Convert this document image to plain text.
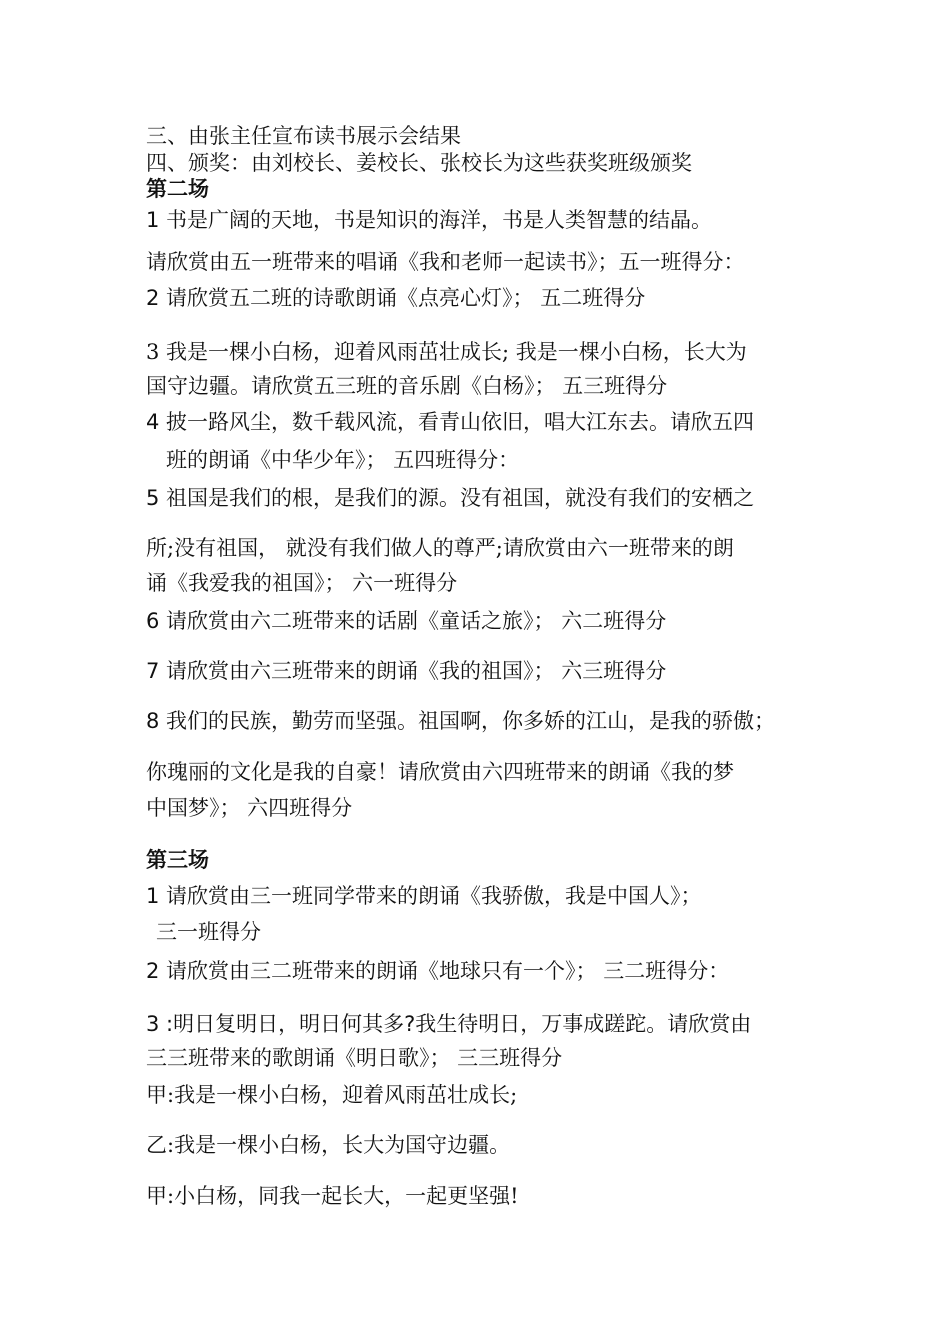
三、由张主任宣布读书展示会结果
四、颁奖：由刘校长、姜校长、张校长为这些获奖班级颁奖
第二场
1 书是广阔的天地，书是知识的海洋，书是人类智慧的结晶。
请欣赏由五一班带来的唱诵《我和老师一起读书》；五一班得分：
2 请欣赏五二班的诗歌朗诵《点亮心灯》； 五二班得分
3 我是一棵小白杨，迎着风雨茁壮成长; 我是一棵小白杨，长大为
国守边疆。请欣赏五三班的音乐剧《白杨》； 五三班得分
4 披一路风尘，数千载风流，看青山依旧，唱大江东去。请欣五四
班的朗诵《中华少年》； 五四班得分：
5 祖国是我们的根，是我们的源。没有祖国，就没有我们的安栖之
所;没有祖国， 就没有我们做人的尊严;请欣赏由六一班带来的朗
诵《我爱我的祖国》； 六一班得分
6 请欣赏由六二班带来的话剧《童话之旅》； 六二班得分
7 请欣赏由六三班带来的朗诵《我的祖国》； 六三班得分
8 我们的民族，勤劳而坚强。祖国啊，你多娇的江山，是我的骄傲；
你瑰丽的文化是我的自豪！请欣赏由六四班带来的朗诵《我的梦
中国梦》； 六四班得分
第三场
1 请欣赏由三一班同学带来的朗诵《我骄傲，我是中国人》；
三一班得分
2 请欣赏由三二班带来的朗诵《地球只有一个》； 三二班得分：
3 :明日复明日，明日何其多?我生待明日，万事成蹉跎。请欣赏由
三三班带来的歌朗诵《明日歌》； 三三班得分
甲:我是一棵小白杨，迎着风雨茁壮成长;
乙:我是一棵小白杨，长大为国守边疆。
甲:小白杨，同我一起长大，一起更坚强!
